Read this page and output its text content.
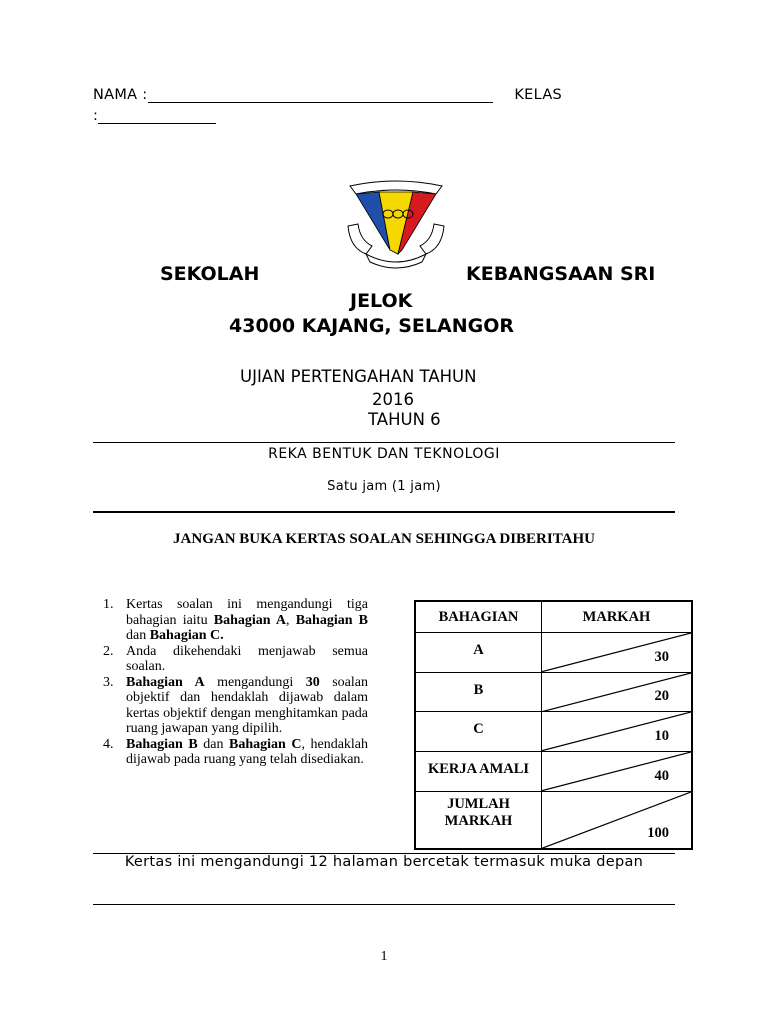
NAMA :	KELAS
:
SEKOLAH	KEBANGSAAN SRI
JELOK
43000 KAJANG, SELANGOR
UJIAN PERTENGAHAN TAHUN
2016
TAHUN 6
REKA BENTUK DAN TEKNOLOGI
Satu jam (1 jam)
JANGAN BUKA KERTAS SOALAN SEHINGGA DIBERITAHU
1. Kertas soalan ini mengandungi tiga bahagian iaitu Bahagian A, Bahagian B dan Bahagian C.
2. Anda dikehendaki menjawab semua soalan.
3. Bahagian A mengandungi 30 soalan objektif dan hendaklah dijawab dalam kertas objektif dengan menghitamkan pada ruang jawapan yang dipilih.
4. Bahagian B dan Bahagian C, hendaklah dijawab pada ruang yang telah disediakan.
BAHAGIAN	MARKAH
A	30
B	20
C	10
KERJA AMALI	40
JUMLAH MARKAH	100
Kertas ini mengandungi 12 halaman bercetak termasuk muka depan
1
